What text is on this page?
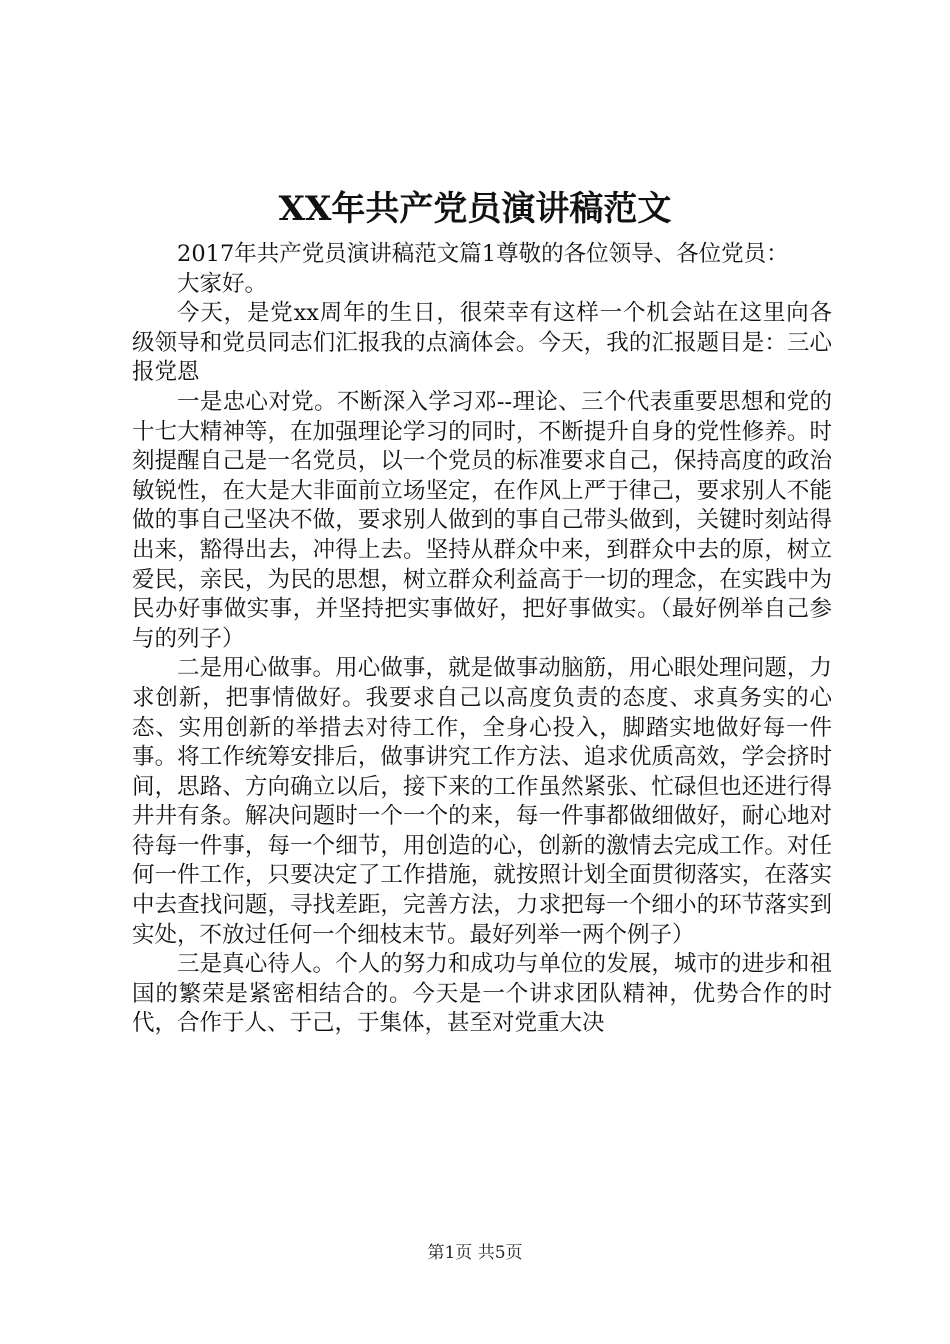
XX年共产党员演讲稿范文

2017年共产党员演讲稿范文篇1尊敬的各位领导、各位党员：

大家好。

今天，是党xx周年的生日，很荣幸有这样一个机会站在这里向各级领导和党员同志们汇报我的点滴体会。今天，我的汇报题目是：三心报党恩

一是忠心对党。不断深入学习邓--理论、三个代表重要思想和党的十七大精神等，在加强理论学习的同时，不断提升自身的党性修养。时刻提醒自己是一名党员，以一个党员的标准要求自己，保持高度的政治敏锐性，在大是大非面前立场坚定，在作风上严于律己，要求别人不能做的事自己坚决不做，要求别人做到的事自己带头做到，关键时刻站得出来，豁得出去，冲得上去。坚持从群众中来，到群众中去的原，树立爱民，亲民，为民的思想，树立群众利益高于一切的理念，在实践中为民办好事做实事，并坚持把实事做好，把好事做实。（最好例举自己参与的列子）

二是用心做事。用心做事，就是做事动脑筋，用心眼处理问题，力求创新，把事情做好。我要求自己以高度负责的态度、求真务实的心态、实用创新的举措去对待工作，全身心投入，脚踏实地做好每一件事。将工作统筹安排后，做事讲究工作方法、追求优质高效，学会挤时间，思路、方向确立以后，接下来的工作虽然紧张、忙碌但也还进行得井井有条。解决问题时一个一个的来，每一件事都做细做好，耐心地对待每一件事，每一个细节，用创造的心，创新的激情去完成工作。对任何一件工作，只要决定了工作措施，就按照计划全面贯彻落实，在落实中去查找问题，寻找差距，完善方法，力求把每一个细小的环节落实到实处，不放过任何一个细枝末节。最好列举一两个例子）

三是真心待人。个人的努力和成功与单位的发展，城市的进步和祖国的繁荣是紧密相结合的。今天是一个讲求团队精神，优势合作的时代，合作于人、于己，于集体，甚至对党重大决

第1页 共5页
